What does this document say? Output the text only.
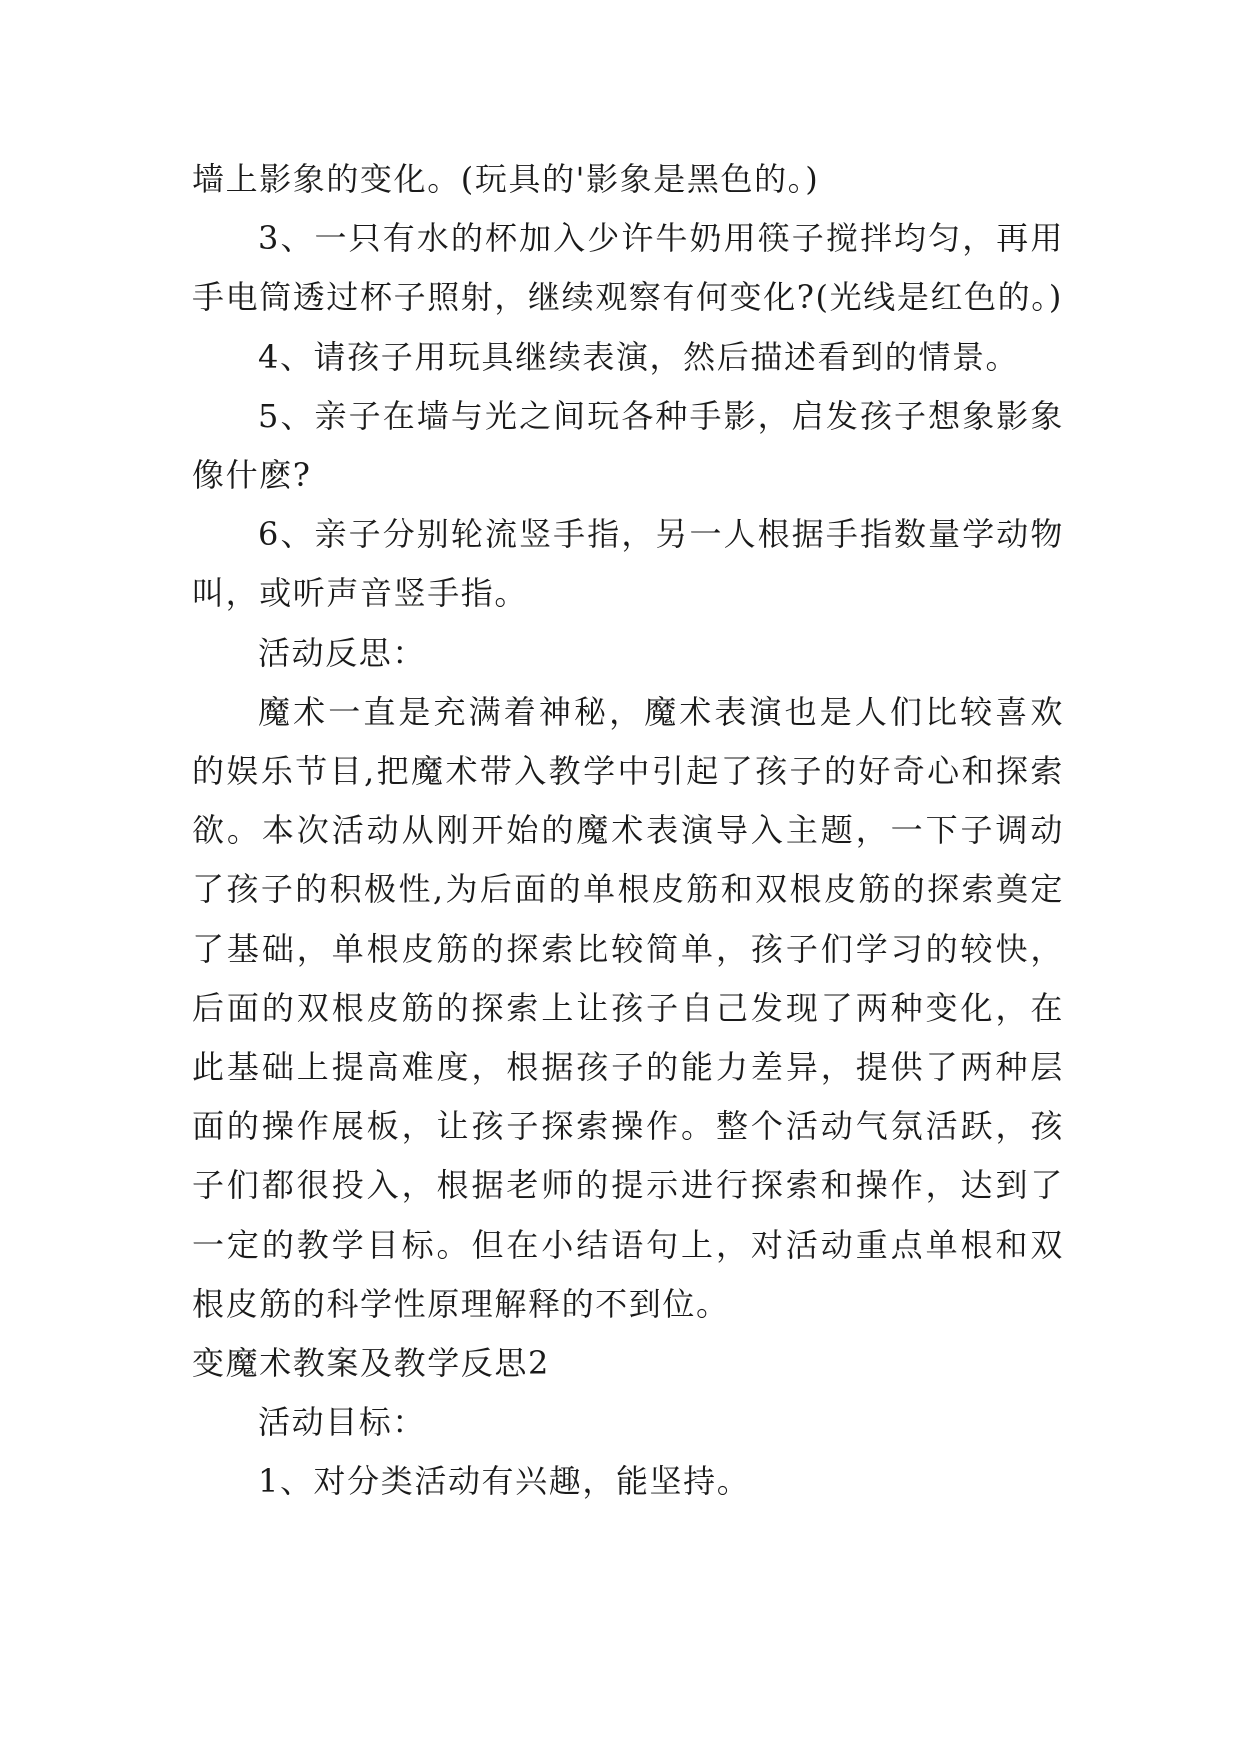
墙上影象的变化。(玩具的'影象是黑色的。)

3、一只有水的杯加入少许牛奶用筷子搅拌均匀，再用手电筒透过杯子照射，继续观察有何变化?(光线是红色的。)

4、请孩子用玩具继续表演，然后描述看到的情景。

5、亲子在墙与光之间玩各种手影，启发孩子想象影象像什麽?

6、亲子分别轮流竖手指，另一人根据手指数量学动物叫，或听声音竖手指。

活动反思：

魔术一直是充满着神秘，魔术表演也是人们比较喜欢的娱乐节目,把魔术带入教学中引起了孩子的好奇心和探索欲。本次活动从刚开始的魔术表演导入主题，一下子调动了孩子的积极性,为后面的单根皮筋和双根皮筋的探索奠定了基础，单根皮筋的探索比较简单，孩子们学习的较快，后面的双根皮筋的探索上让孩子自己发现了两种变化，在此基础上提高难度，根据孩子的能力差异，提供了两种层面的操作展板，让孩子探索操作。整个活动气氛活跃，孩子们都很投入，根据老师的提示进行探索和操作，达到了一定的教学目标。但在小结语句上，对活动重点单根和双根皮筋的科学性原理解释的不到位。

变魔术教案及教学反思2

活动目标：

1、对分类活动有兴趣，能坚持。
